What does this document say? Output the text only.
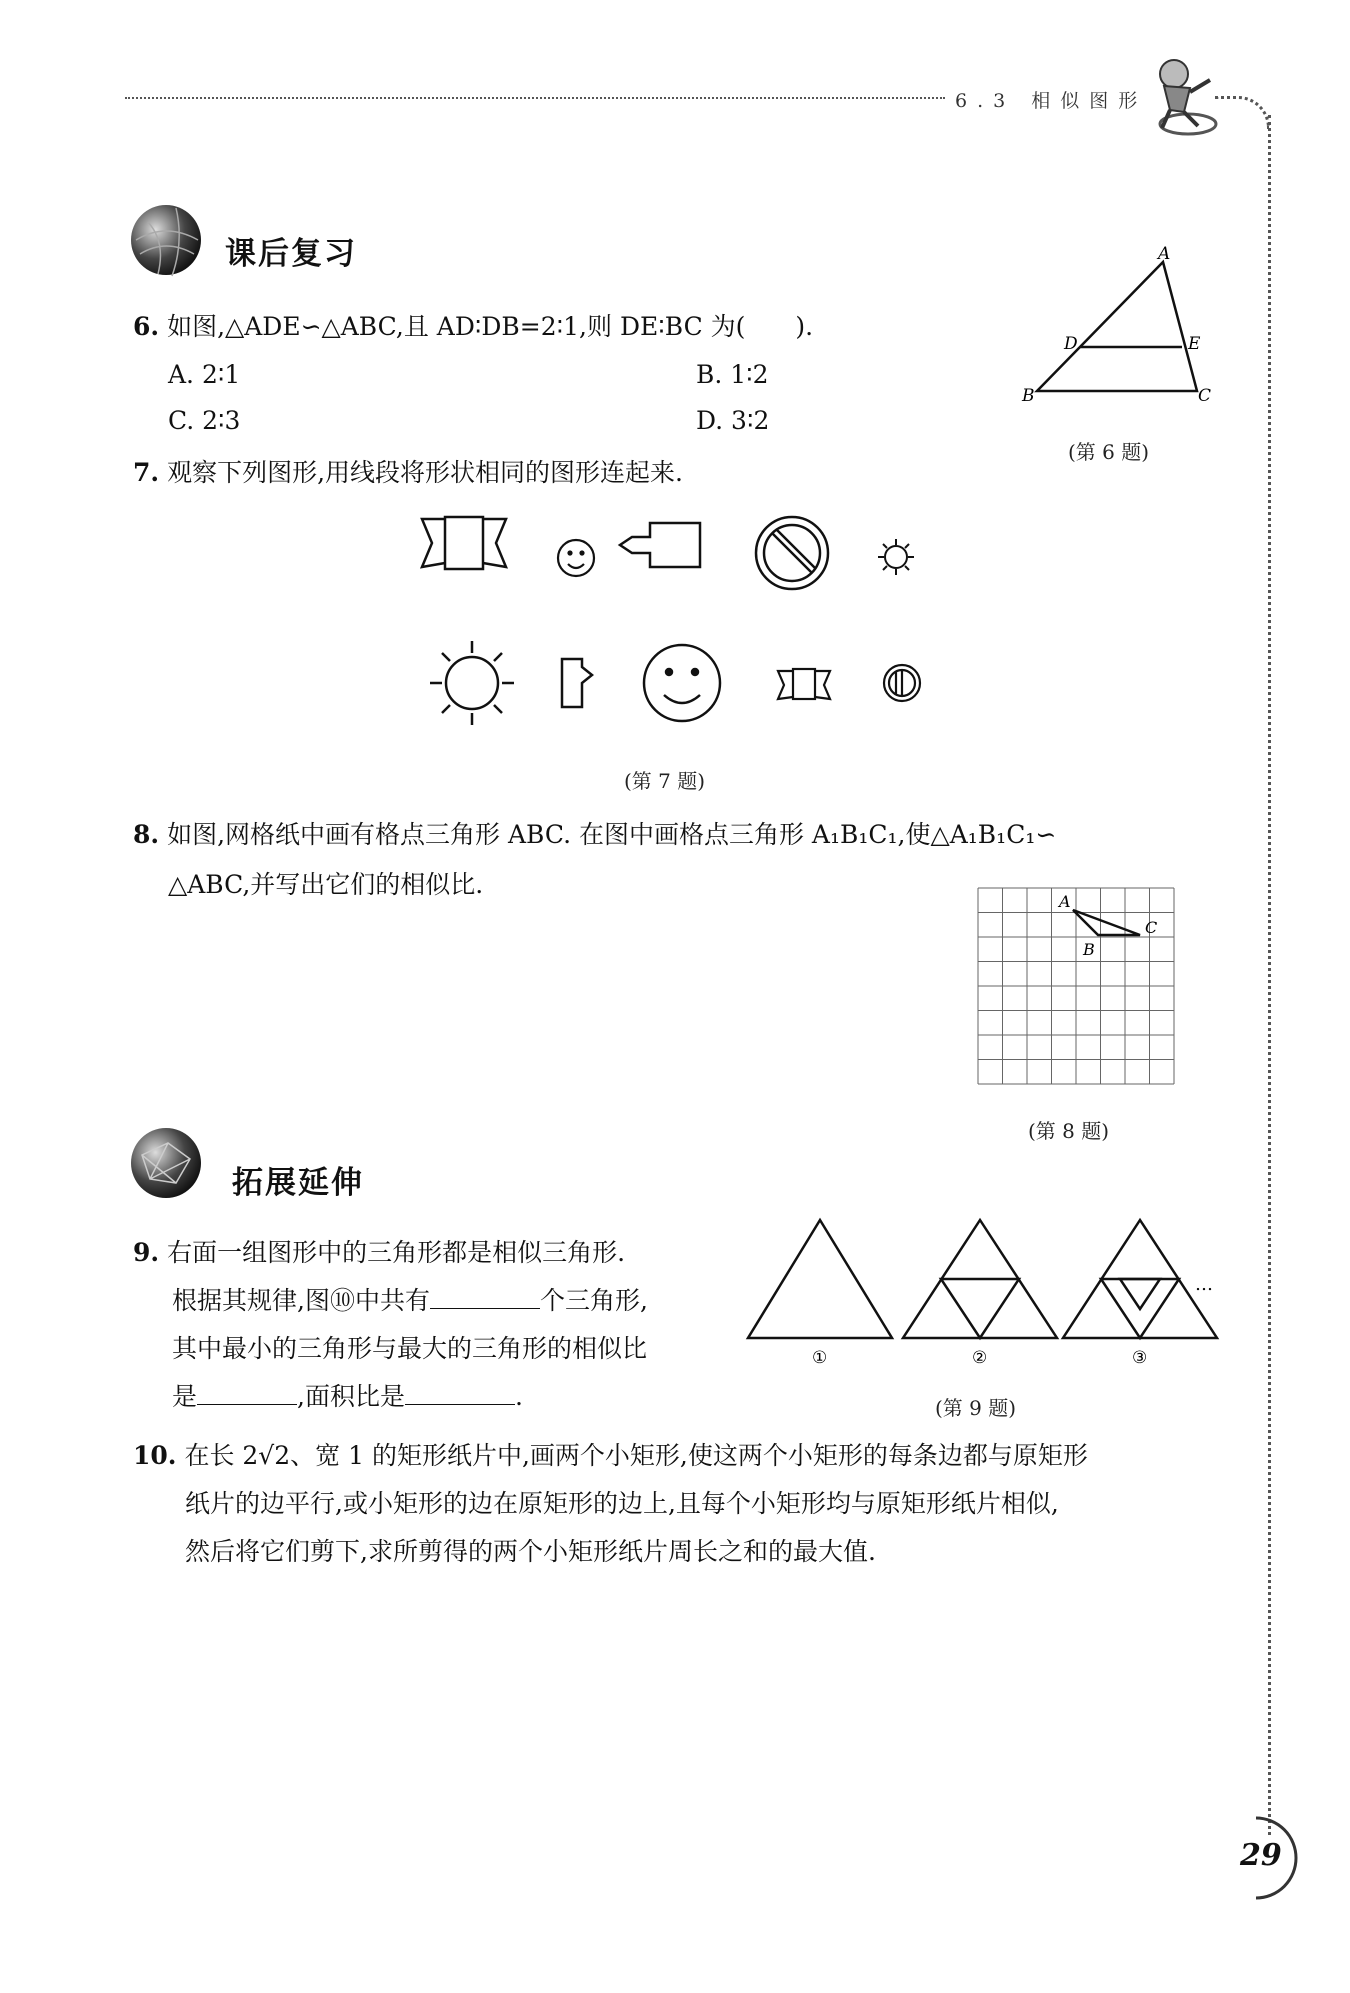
6.3 相似图形
课后复习
6. 如图,△ADE∽△ABC,且 AD∶DB=2∶1,则 DE∶BC 为(　　).
A. 2∶1	B. 1∶2
C. 2∶3	D. 3∶2
A
B	C
D	E
(第 6 题)
7. 观察下列图形,用线段将形状相同的图形连起来.
(第 7 题)
8. 如图,网格纸中画有格点三角形 ABC. 在图中画格点三角形 A₁B₁C₁,使△A₁B₁C₁∽
△ABC,并写出它们的相似比.
A
B
C
(第 8 题)
拓展延伸
9. 右面一组图形中的三角形都是相似三角形.
根据其规律,图⑩中共有	个三角形,
其中最小的三角形与最大的三角形的相似比
是	,面积比是	.
①	②	③
…
(第 9 题)
10. 在长 2√2、宽 1 的矩形纸片中,画两个小矩形,使这两个小矩形的每条边都与原矩形
纸片的边平行,或小矩形的边在原矩形的边上,且每个小矩形均与原矩形纸片相似,
然后将它们剪下,求所剪得的两个小矩形纸片周长之和的最大值.
29
